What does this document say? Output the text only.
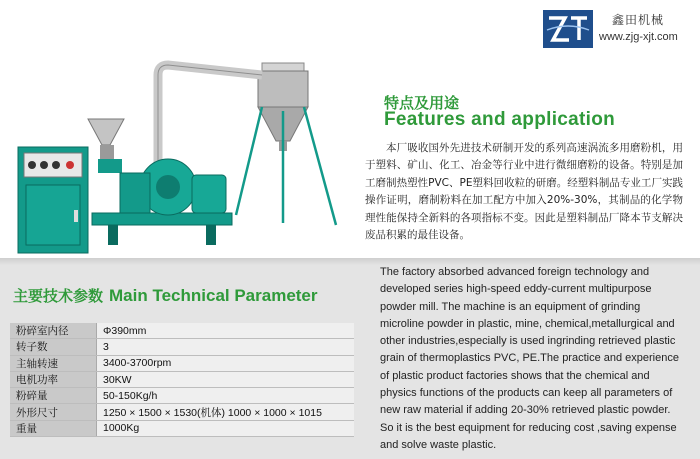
鑫田机械
www.zjg-xjt.com
特点及用途
Features and application
本厂吸收国外先进技术研制开发的系列高速涡流多用磨粉机，用于塑料、矿山、化工、冶金等行业中进行微细磨粉的设备。特别是加工磨制热塑性PVC、PE塑料回收粒的研磨。经塑料制品专业工厂实践操作证明，磨制粉料在加工配方中加入20%-30%，其制品的化学物理性能保持全新料的各项指标不变。因此是塑料制品厂降本节支解决废品积累的最佳设备。
主要技术参数 Main Technical Parameter
粉碎室内径	Φ390mm
转子数	3
主轴转速	3400-3700rpm
电机功率	30KW
粉碎量	50-150Kg/h
外形尺寸	1250 × 1500 × 1530(机体) 1000 × 1000 × 1015
重量	1000Kg
The factory absorbed advanced foreign technology and developed series high-speed eddy-current multipurpose powder mill. The machine is an equipment of grinding microline powder in plastic, mine, chemical,metallurgical and other industries,especially is used ingrinding retrieved plastic grain of thermoplastics PVC, PE.The practice and experience of plastic product factories shows that the chemical and physics functions of the products can keep all parameters of new raw material if adding 20-30% retrieved plastic powder. So it is the best equipment for reducing cost ,saving expense and solve waste plastic.
